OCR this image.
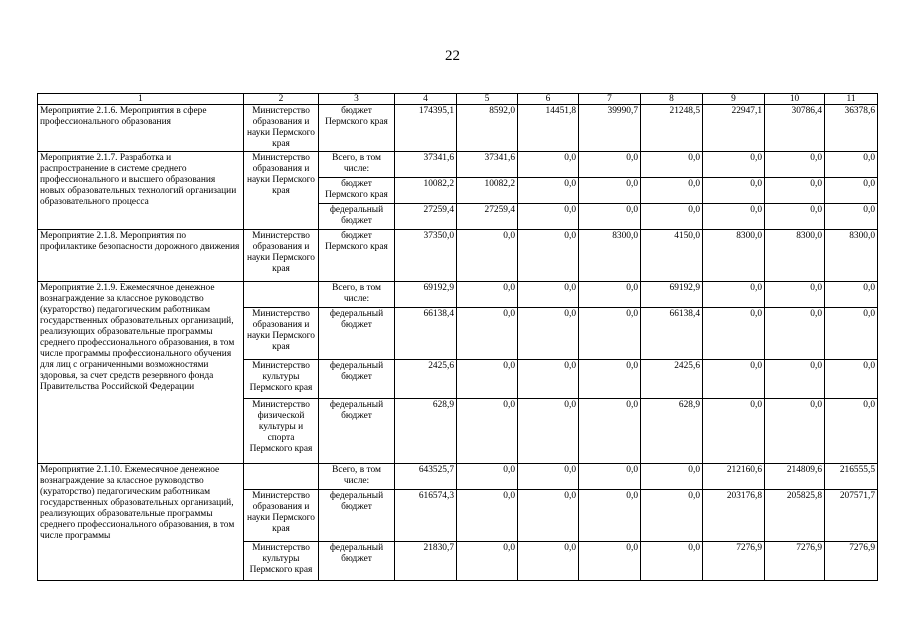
22
1	2	3	4	5	6	7	8	9	10	11
Мероприятие 2.1.6. Мероприятия в сфере профессионального образования	Министерство образования и науки Пермского края	бюджет Пермского края	174395,1	8592,0	14451,8	39990,7	21248,5	22947,1	30786,4	36378,6
Мероприятие 2.1.7. Разработка и распространение в системе среднего профессионального и высшего образования новых образовательных технологий организации образовательного процесса	Министерство образования и науки Пермского края	Всего, в том числе:	37341,6	37341,6	0,0	0,0	0,0	0,0	0,0	0,0
		бюджет Пермского края	10082,2	10082,2	0,0	0,0	0,0	0,0	0,0	0,0
		федеральный бюджет	27259,4	27259,4	0,0	0,0	0,0	0,0	0,0	0,0
Мероприятие 2.1.8. Мероприятия по профилактике безопасности дорожного движения	Министерство образования и науки Пермского края	бюджет Пермского края	37350,0	0,0	0,0	8300,0	4150,0	8300,0	8300,0	8300,0
Мероприятие 2.1.9. Ежемесячное денежное вознаграждение за классное руководство (кураторство) педагогическим работникам государственных образовательных организаций, реализующих образовательные программы среднего профессионального образования, в том числе программы профессионального обучения для лиц с ограниченными возможностями здоровья, за счет средств резервного фонда Правительства Российской Федерации		Всего, в том числе:	69192,9	0,0	0,0	0,0	69192,9	0,0	0,0	0,0
	Министерство образования и науки Пермского края	федеральный бюджет	66138,4	0,0	0,0	0,0	66138,4	0,0	0,0	0,0
	Министерство культуры Пермского края	федеральный бюджет	2425,6	0,0	0,0	0,0	2425,6	0,0	0,0	0,0
	Министерство физической культуры и спорта Пермского края	федеральный бюджет	628,9	0,0	0,0	0,0	628,9	0,0	0,0	0,0
Мероприятие 2.1.10. Ежемесячное денежное вознаграждение за классное руководство (кураторство) педагогическим работникам государственных образовательных организаций, реализующих образовательные программы среднего профессионального образования, в том числе программы		Всего, в том числе:	643525,7	0,0	0,0	0,0	0,0	212160,6	214809,6	216555,5
	Министерство образования и науки Пермского края	федеральный бюджет	616574,3	0,0	0,0	0,0	0,0	203176,8	205825,8	207571,7
	Министерство культуры Пермского края	федеральный бюджет	21830,7	0,0	0,0	0,0	0,0	7276,9	7276,9	7276,9
